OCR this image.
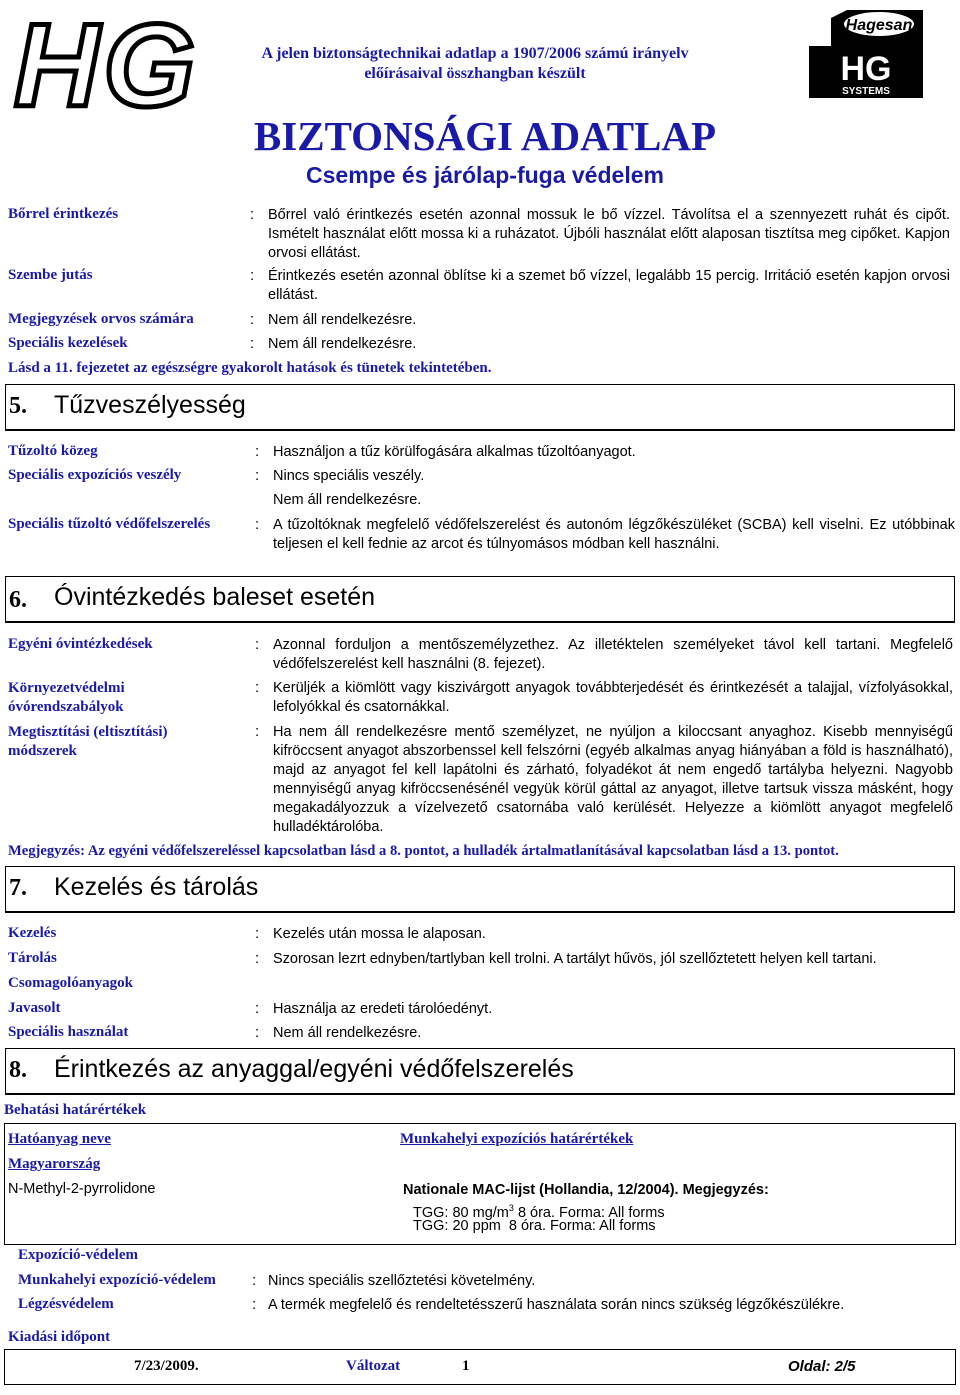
HG	A jelen biztonságtechnikai adatlap a 1907/2006 számú irányelv
előírásaival összhangban készült
BIZTONSÁGI ADATLAP
Csempe és járólap-fuga védelem
Hagesan
HG
SYSTEMS
Bőrrel érintkezés	: Bőrrel való érintkezés esetén azonnal mossuk le bő vízzel. Távolítsa el a szennyezett ruhát és cipőt. Ismételt használat előtt mossa ki a ruházatot. Újbóli használat előtt alaposan tisztítsa meg cipőket. Kapjon orvosi ellátást.
Szembe jutás	: Érintkezés esetén azonnal öblítse ki a szemet bő vízzel, legalább 15 percig. Irritáció esetén kapjon orvosi ellátást.
Megjegyzések orvos számára	: Nem áll rendelkezésre.
Speciális kezelések	: Nem áll rendelkezésre.
Lásd a 11. fejezetet az egészségre gyakorolt hatások és tünetek tekintetében.
5. Tűzveszélyesség
Tűzoltó közeg	: Használjon a tűz körülfogására alkalmas tűzoltóanyagot.
Speciális expozíciós veszély	: Nincs speciális veszély.
Nem áll rendelkezésre.
Speciális tűzoltó védőfelszerelés	: A tűzoltóknak megfelelő védőfelszerelést és autonóm légzőkészüléket (SCBA) kell viselni. Ez utóbbinak teljesen el kell fednie az arcot és túlnyomásos módban kell használni.
6. Óvintézkedés baleset esetén
Egyéni óvintézkedések	: Azonnal forduljon a mentőszemélyzethez. Az illetéktelen személyeket távol kell tartani. Megfelelő védőfelszerelést kell használni (8. fejezet).
Környezetvédelmi óvórendszabályok
: Kerüljék a kiömlött vagy kiszivárgott anyagok továbbterjedését és érintkezését a talajjal, vízfolyásokkal, lefolyókkal és csatornákkal.
Megtisztítási (eltisztítási) módszerek
: Ha nem áll rendelkezésre mentő személyzet, ne nyúljon a kiloccsant anyaghoz. Kisebb mennyiségű kifröccsent anyagot abszorbenssel kell felszórni (egyéb alkalmas anyag hiányában a föld is használható), majd az anyagot fel kell lapátolni és zárható, folyadékot át nem engedő tartályba helyezni. Nagyobb mennyiségű anyag kifröccsenésénél vegyük körül gáttal az anyagot, illetve tartsuk vissza másként, hogy megakadályozzuk a vízelvezető csatornába való kerülését. Helyezze a kiömlött anyagot megfelelő hulladéktárolóba.
Megjegyzés: Az egyéni védőfelszereléssel kapcsolatban lásd a 8. pontot, a hulladék ártalmatlanításával kapcsolatban lásd a 13. pontot.
7. Kezelés és tárolás
Kezelés	: Kezelés után mossa le alaposan.
Tárolás	: Szorosan lezrt ednyben/tartlyban kell trolni. A tartályt hűvös, jól szellőztetett helyen kell tartani.
Csomagolóanyagok
Javasolt	: Használja az eredeti tárolóedényt.
Speciális használat	: Nem áll rendelkezésre.
8. Érintkezés az anyaggal/egyéni védőfelszerelés
Behatási határértékek
Hatóanyag neve
Magyarország
Munkahelyi expozíciós határértékek
N-Methyl-2-pyrrolidone	Nationale MAC-lijst (Hollandia, 12/2004). Megjegyzés:
TGG: 80 $mg/m^3$ 8 óra. Forma: All forms
TGG: 20 ppm  8 óra. Forma: All forms
Expozíció-védelem
Munkahelyi expozíció-védelem : Nincs speciális szellőztetési követelmény.
Légzésvédelem	: A termék megfelelő és rendeltetésszerű használata során nincs szükség légzőkészülékre.
Kiadási időpont
7/23/2009.	Változat	1	Oldal: 2/5
